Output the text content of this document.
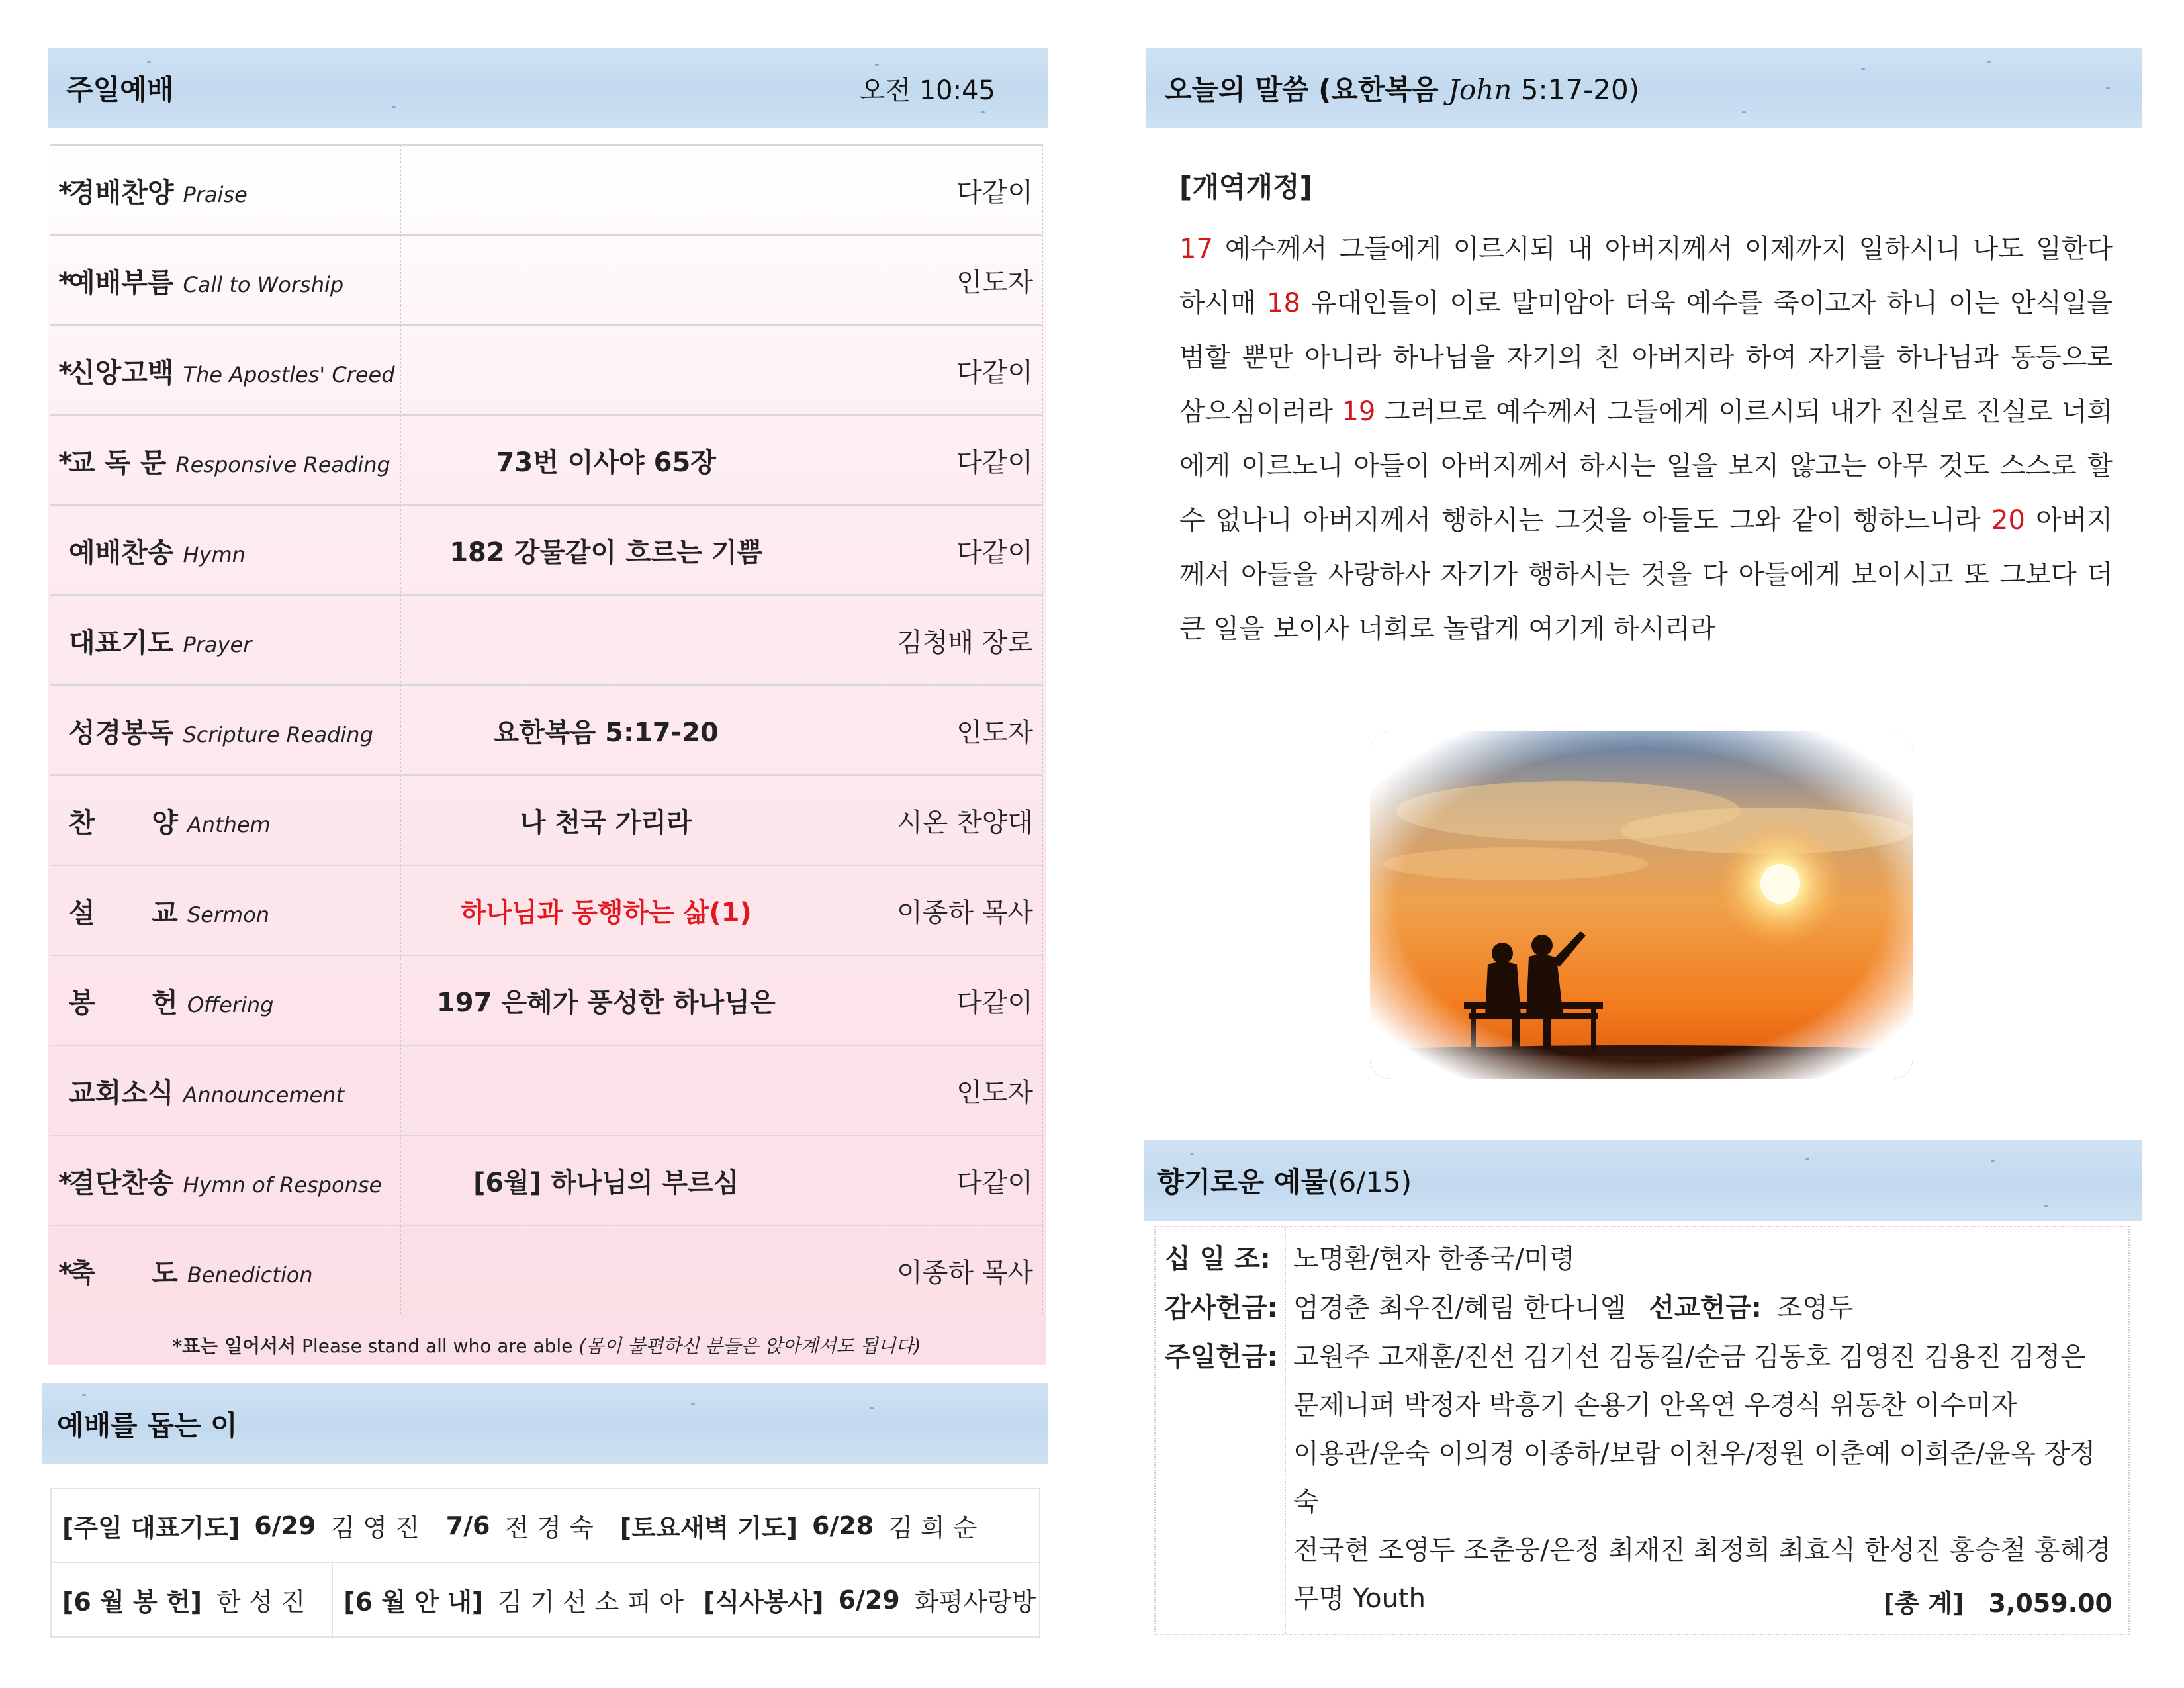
주일예배	오전 10:45
*경배찬양 Praise		다같이
*예배부름 Call to Worship		인도자
*신앙고백 The Apostles' Creed		다같이
*교 독 문 Responsive Reading	73번 이사야 65장	다같이
예배찬송 Hymn	182 강물같이 흐르는 기쁨	다같이
대표기도 Prayer		김청배 장로
성경봉독 Scripture Reading	요한복음 5:17-20	인도자
찬      양 Anthem	나 천국 가리라	시온 찬양대
설      교 Sermon	하나님과 동행하는 삶(1)	이종하 목사
봉      헌 Offering	197 은혜가 풍성한 하나님은	다같이
교회소식 Announcement		인도자
*결단찬송 Hymn of Response	[6월] 하나님의 부르심	다같이
*축      도 Benediction		이종하 목사
*표는 일어서서 Please stand all who are able (몸이 불편하신 분들은 앉아계셔도 됩니다)
예배를 돕는 이
[주일 대표기도] 6/29 김 영 진 7/6 전 경 숙 [토요새벽 기도] 6/28 김 희 순
[6 월 봉 헌] 한 성 진 [6 월 안 내] 김 기 선 소 피 아 [식사봉사] 6/29 화평사랑방
오늘의 말씀 (요한복음 John 5:17-20)
[개역개정]
17 예수께서 그들에게 이르시되 내 아버지께서 이제까지 일하시니 나도 일한다 하시매 18 유대인들이 이로 말미암아 더욱 예수를 죽이고자 하니 이는 안식일을 범할 뿐만 아니라 하나님을 자기의 친 아버지라 하여 자기를 하나님과 동등으로 삼으심이러라 19 그러므로 예수께서 그들에게 이르시되 내가 진실로 진실로 너희에게 이르노니 아들이 아버지께서 하시는 일을 보지 않고는 아무 것도 스스로 할 수 없나니 아버지께서 행하시는 그것을 아들도 그와 같이 행하느니라 20 아버지께서 아들을 사랑하사 자기가 행하시는 것을 다 아들에게 보이시고 또 그보다 더 큰 일을 보이사 너희로 놀랍게 여기게 하시리라
향기로운 예물(6/15)
십 일 조: 노명환/현자 한종국/미령
감사헌금: 엄경춘 최우진/혜림 한다니엘 선교헌금: 조영두
주일헌금: 고원주 고재훈/진선 김기선 김동길/순금 김동호 김영진 김용진 김정은
문제니퍼 박정자 박흥기 손용기 안옥연 우경식 위동찬 이수미자
이용관/운숙 이의경 이종하/보람 이천우/정원 이춘예 이희준/윤옥 장정숙
전국현 조영두 조춘웅/은정 최재진 최정희 최효식 한성진 홍승철 홍혜경
무명 Youth	[총 계] 3,059.00
